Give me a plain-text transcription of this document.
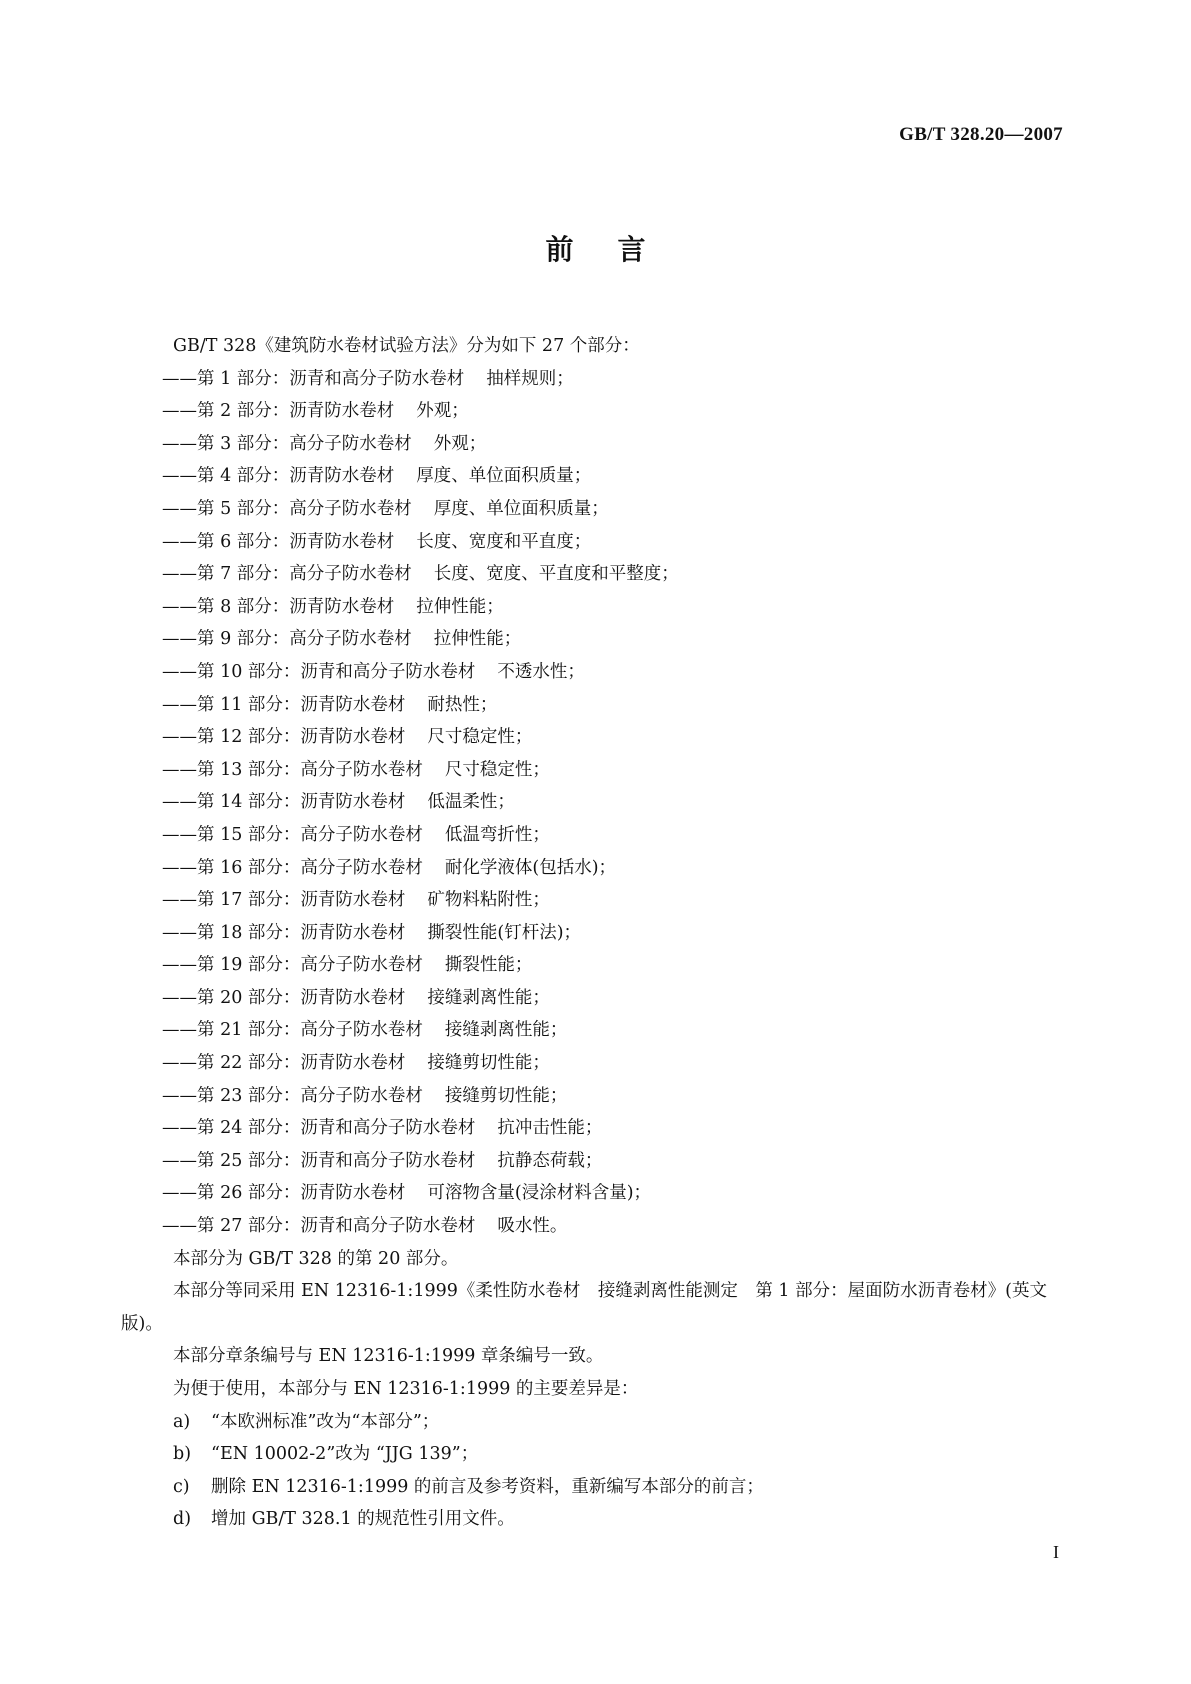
GB/T 328.20—2007
前言
GB/T 328《建筑防水卷材试验方法》分为如下 27 个部分：
——第 1 部分：沥青和高分子防水卷材 抽样规则；
——第 2 部分：沥青防水卷材 外观；
——第 3 部分：高分子防水卷材 外观；
——第 4 部分：沥青防水卷材 厚度、单位面积质量；
——第 5 部分：高分子防水卷材 厚度、单位面积质量；
——第 6 部分：沥青防水卷材 长度、宽度和平直度；
——第 7 部分：高分子防水卷材 长度、宽度、平直度和平整度；
——第 8 部分：沥青防水卷材 拉伸性能；
——第 9 部分：高分子防水卷材 拉伸性能；
——第 10 部分：沥青和高分子防水卷材 不透水性；
——第 11 部分：沥青防水卷材 耐热性；
——第 12 部分：沥青防水卷材 尺寸稳定性；
——第 13 部分：高分子防水卷材 尺寸稳定性；
——第 14 部分：沥青防水卷材 低温柔性；
——第 15 部分：高分子防水卷材 低温弯折性；
——第 16 部分：高分子防水卷材 耐化学液体(包括水)；
——第 17 部分：沥青防水卷材 矿物料粘附性；
——第 18 部分：沥青防水卷材 撕裂性能(钉杆法)；
——第 19 部分：高分子防水卷材 撕裂性能；
——第 20 部分：沥青防水卷材 接缝剥离性能；
——第 21 部分：高分子防水卷材 接缝剥离性能；
——第 22 部分：沥青防水卷材 接缝剪切性能；
——第 23 部分：高分子防水卷材 接缝剪切性能；
——第 24 部分：沥青和高分子防水卷材 抗冲击性能；
——第 25 部分：沥青和高分子防水卷材 抗静态荷载；
——第 26 部分：沥青防水卷材 可溶物含量(浸涂材料含量)；
——第 27 部分：沥青和高分子防水卷材 吸水性。
本部分为 GB/T 328 的第 20 部分。
本部分等同采用 EN 12316-1:1999《柔性防水卷材　接缝剥离性能测定　第 1 部分：屋面防水沥青卷材》(英文版)。
本部分章条编号与 EN 12316-1:1999 章条编号一致。
为便于使用，本部分与 EN 12316-1:1999 的主要差异是：
a) “本欧洲标准”改为“本部分”；
b) “EN 10002-2”改为 “JJG 139”；
c) 删除 EN 12316-1:1999 的前言及参考资料，重新编写本部分的前言；
d) 增加 GB/T 328.1 的规范性引用文件。
I
